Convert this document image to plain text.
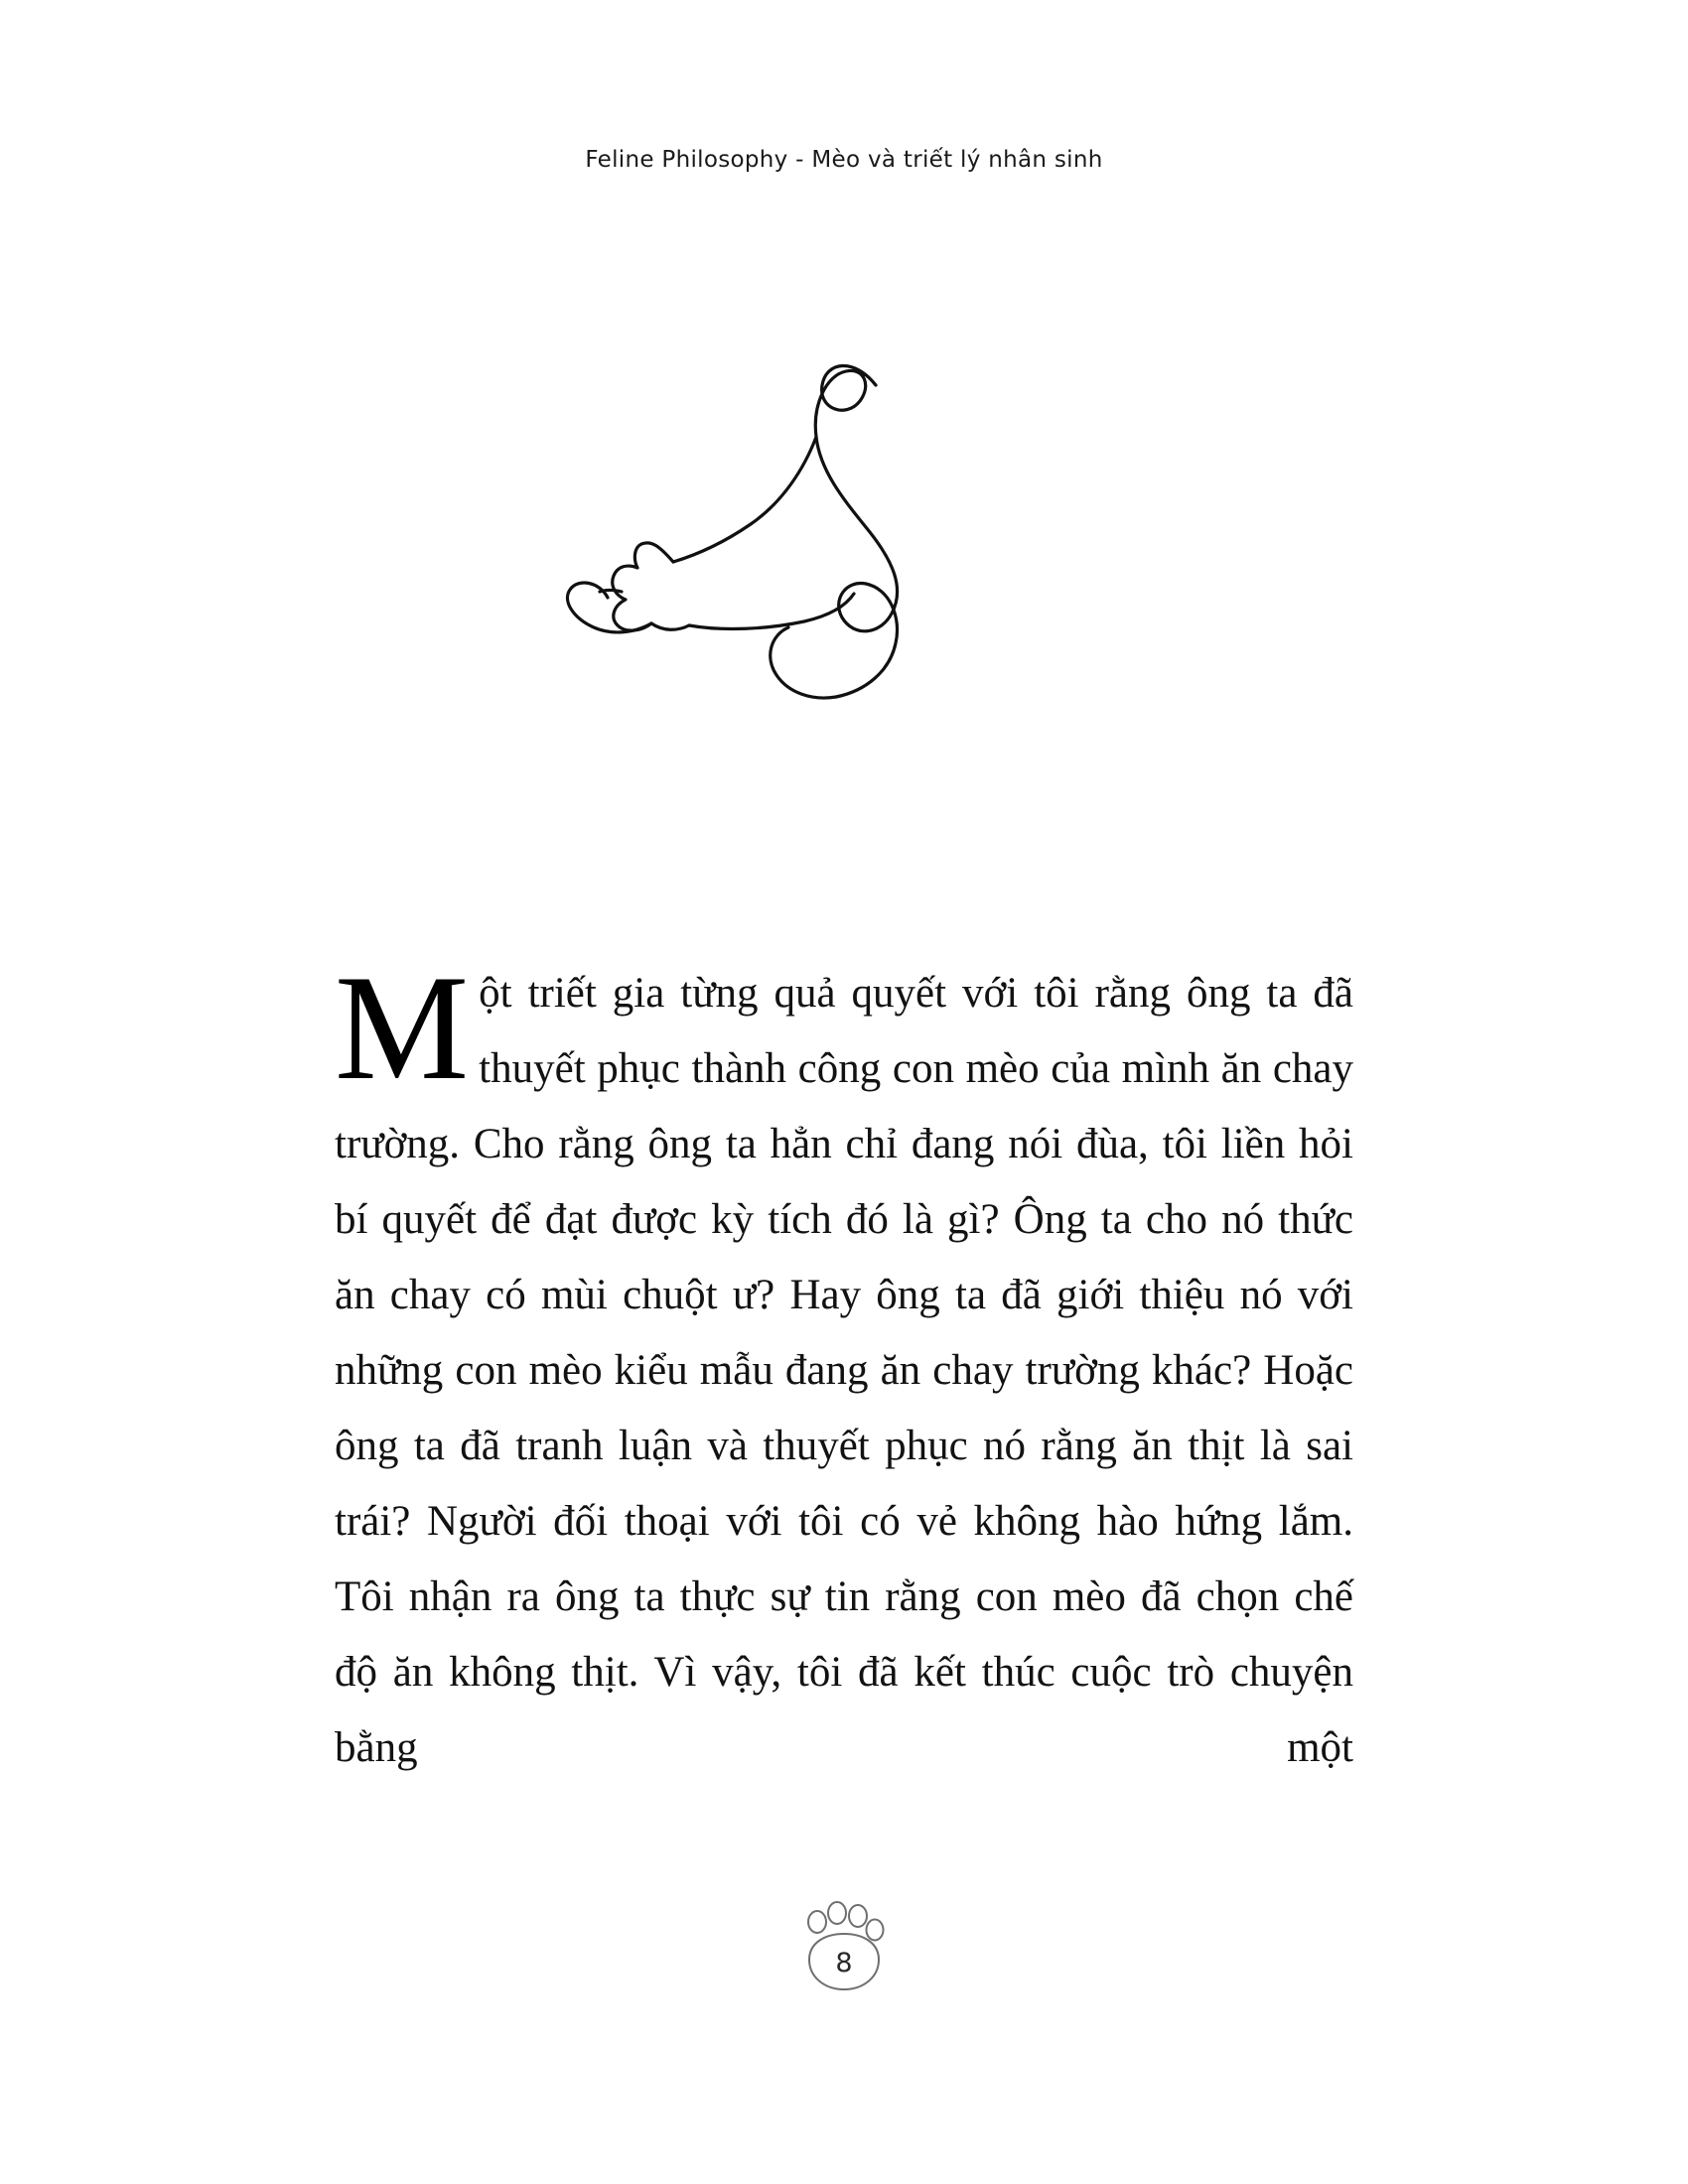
Feline Philosophy - Mèo và triết lý nhân sinh

Một triết gia từng quả quyết với tôi rằng ông ta đã thuyết phục thành công con mèo của mình ăn chay trường. Cho rằng ông ta hẳn chỉ đang nói đùa, tôi liền hỏi bí quyết để đạt được kỳ tích đó là gì? Ông ta cho nó thức ăn chay có mùi chuột ư? Hay ông ta đã giới thiệu nó với những con mèo kiểu mẫu đang ăn chay trường khác? Hoặc ông ta đã tranh luận và thuyết phục nó rằng ăn thịt là sai trái? Người đối thoại với tôi có vẻ không hào hứng lắm. Tôi nhận ra ông ta thực sự tin rằng con mèo đã chọn chế độ ăn không thịt. Vì vậy, tôi đã kết thúc cuộc trò chuyện bằng một

8
